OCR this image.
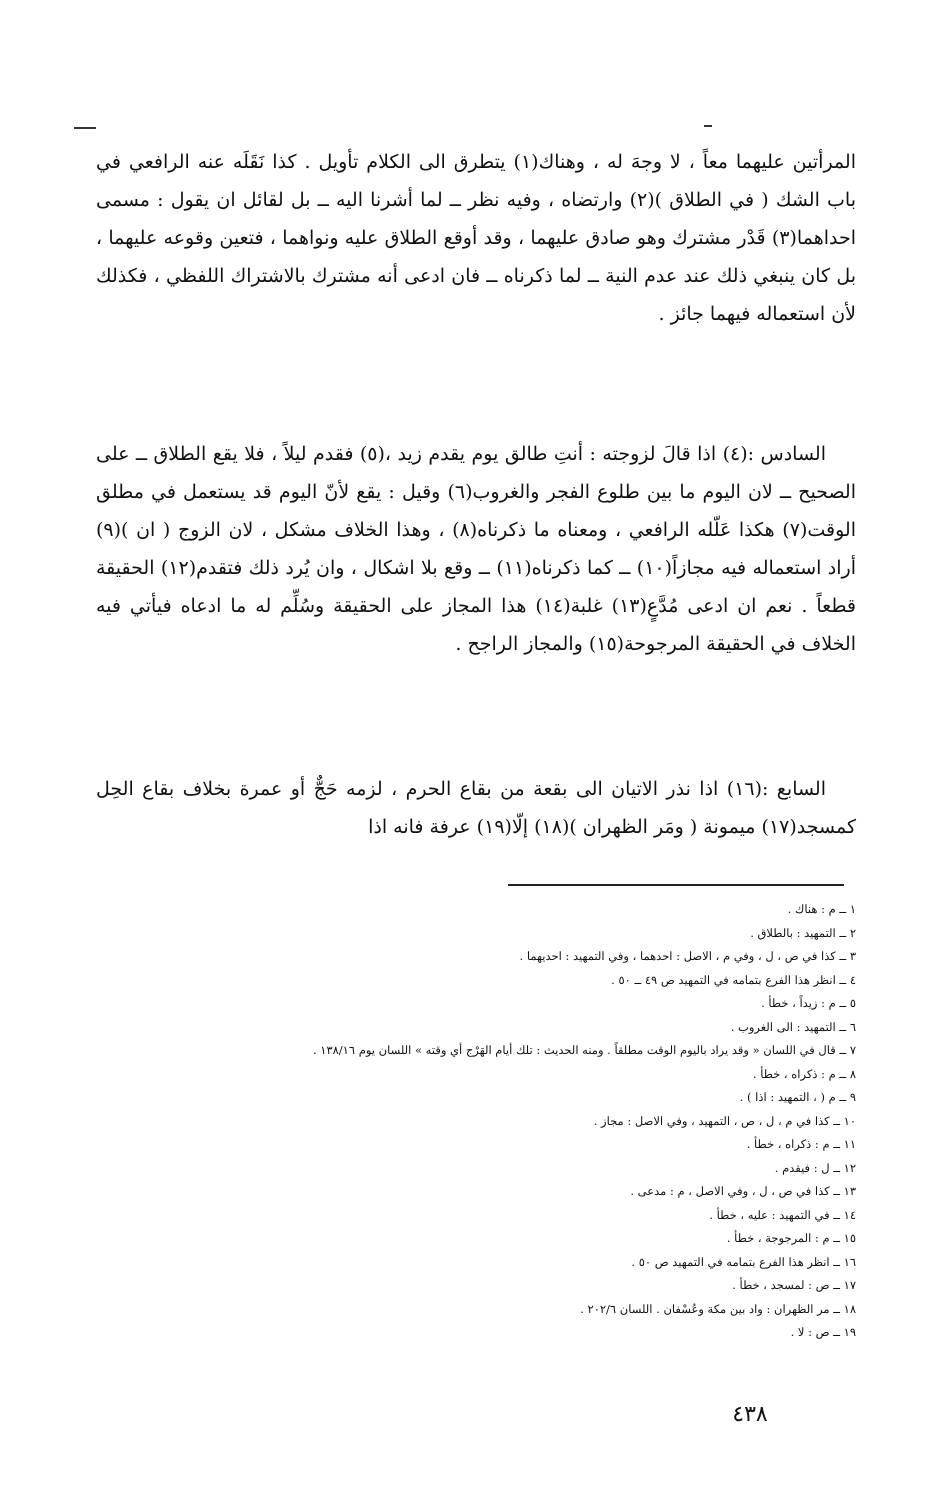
المرأتين عليهما معاً ، لا وجهَ له ، وهناك(١) يتطرق الى الكلام تأويل . كذا نَقَلَه عنه الرافعي في باب الشك ( في الطلاق )(٢) وارتضاه ، وفيه نظر ــ لما أشرنا اليه ــ بل لقائل ان يقول : مسمى احداهما(٣) قَدْر مشترك وهو صادق عليهما ، وقد أوقع الطلاق عليه ونواهما ، فتعين وقوعه عليهما ، بل كان ينبغي ذلك عند عدم النية ــ لما ذكرناه ــ فان ادعى أنه مشترك بالاشتراك اللفظي ، فكذلك لأن استعماله فيهما جائز .

السادس :(٤) اذا قالَ لزوجته : أنتِ طالق يوم يقدم زيد ،(٥) فقدم ليلاً ، فلا يقع الطلاق ــ على الصحيح ــ لان اليوم ما بين طلوع الفجر والغروب(٦) وقيل : يقع لأنّ اليوم قد يستعمل في مطلق الوقت(٧) هكذا عَلّله الرافعي ، ومعناه ما ذكرناه(٨) ، وهذا الخلاف مشكل ، لان الزوج ( ان )(٩) أراد استعماله فيه مجازاً(١٠) ــ كما ذكرناه(١١) ــ وقع بلا اشكال ، وان يُرد ذلك فتقدم(١٢) الحقيقة قطعاً . نعم ان ادعى مُدَّعٍ(١٣) غلبة(١٤) هذا المجاز على الحقيقة وسُلِّم له ما ادعاه فيأتي فيه الخلاف في الحقيقة المرجوحة(١٥) والمجاز الراجح .

السابع :(١٦) اذا نذر الاتيان الى بقعة من بقاع الحرم ، لزمه حَجٌّ أو عمرة بخلاف بقاع الحِل كمسجد(١٧) ميمونة ( ومَر الظهران )(١٨) إلّا(١٩) عرفة فانه اذا

١ ــ م : هناك .
٢ ــ التمهيد : بالطلاق .
٣ ــ كذا في ص ، ل ، وفي م ، الاصل : احدهما ، وفي التمهيد : احديهما .
٤ ــ انظر هذا الفرع بتمامه في التمهيد ص ٤٩ ــ ٥٠ .
٥ ــ م : زيداً ، خطأ .
٦ ــ التمهيد : الى الغروب .
٧ ــ قال في اللسان « وقد يراد باليوم الوقت مطلقاً . ومنه الحديث : تلك أيام الهَرْج أي وقته » اللسان يوم ١٣٨/١٦ .
٨ ــ م : ذكراه ، خطأ .
٩ ــ م ( ، التمهيد : اذا ) .
١٠ ــ كذا في م ، ل ، ص ، التمهيد ، وفي الاصل : مجاز .
١١ ــ م : ذكراه ، خطأ .
١٢ ــ ل : فيقدم .
١٣ ــ كذا في ص ، ل ، وفي الاصل ، م : مدعى .
١٤ ــ في التمهيد : عليه ، خطأ .
١٥ ــ م : المرجوجة ، خطأ .
١٦ ــ انظر هذا الفرع بتمامه في التمهيد ص ٥٠ .
١٧ ــ ص : لمسجد ، خطأ .
١٨ ــ مر الظهران : واد بين مكة وعُسْفان . اللسان ٢٠٢/٦ .
١٩ ــ ص : لا .
٤٣٨
